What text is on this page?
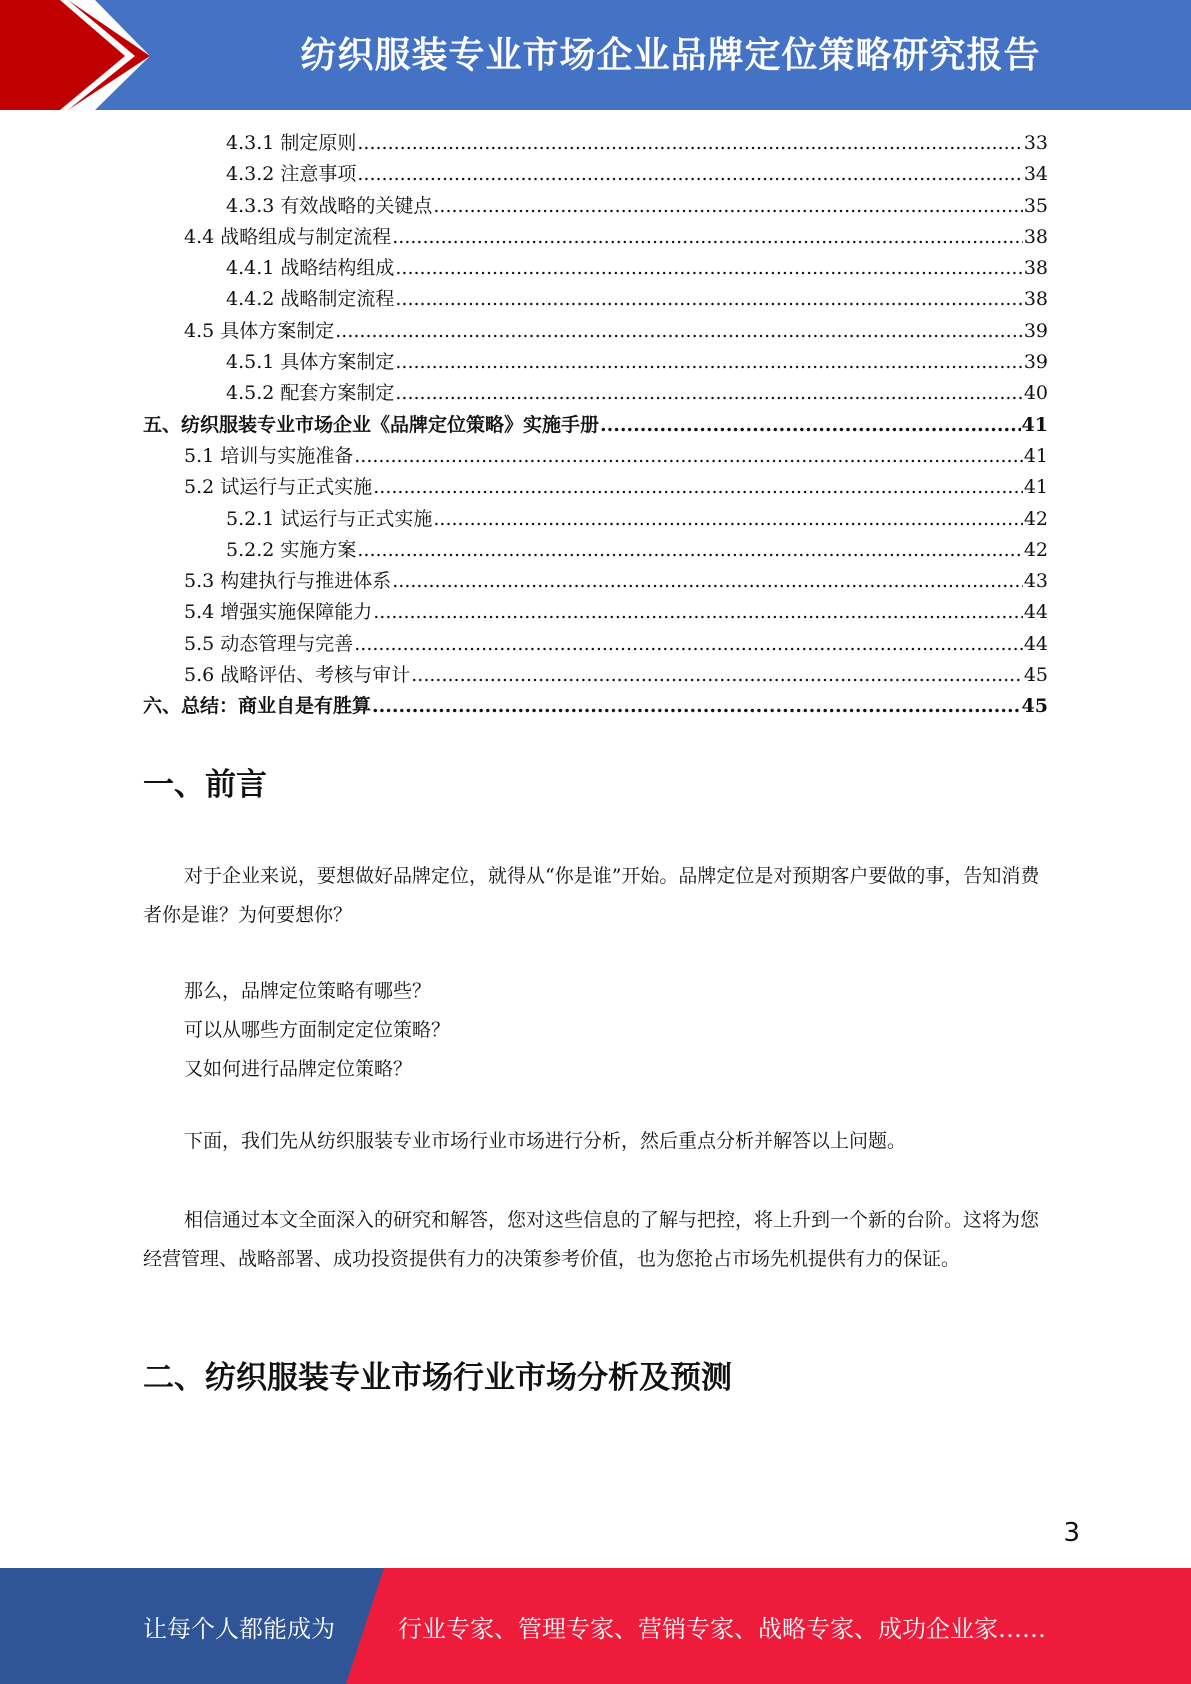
纺织服装专业市场企业品牌定位策略研究报告
4.3.1 制定原则 .....	33
4.3.2 注意事项 .....	34
4.3.3 有效战略的关键点 .....	35
4.4 战略组成与制定流程 .....	38
4.4.1 战略结构组成 .....	38
4.4.2 战略制定流程 .....	38
4.5 具体方案制定 .....	39
4.5.1 具体方案制定 .....	39
4.5.2 配套方案制定 .....	40
五、纺织服装专业市场企业《品牌定位策略》实施手册 .....	41
5.1 培训与实施准备 .....	41
5.2 试运行与正式实施 .....	41
5.2.1 试运行与正式实施 .....	42
5.2.2 实施方案 .....	42
5.3 构建执行与推进体系 .....	43
5.4 增强实施保障能力 .....	44
5.5 动态管理与完善 .....	44
5.6 战略评估、考核与审计 .....	45
六、总结：商业自是有胜算 .....	45
一、前言

对于企业来说，要想做好品牌定位，就得从“你是谁”开始。品牌定位是对预期客户要做的事，告知消费者你是谁？为何要想你？

那么，品牌定位策略有哪些？
可以从哪些方面制定定位策略？
又如何进行品牌定位策略？

下面，我们先从纺织服装专业市场行业市场进行分析，然后重点分析并解答以上问题。

相信通过本文全面深入的研究和解答，您对这些信息的了解与把控，将上升到一个新的台阶。这将为您经营管理、战略部署、成功投资提供有力的决策参考价值，也为您抢占市场先机提供有力的保证。

二、纺织服装专业市场行业市场分析及预测
3
让每个人都能成为	行业专家、管理专家、营销专家、战略专家、成功企业家……
